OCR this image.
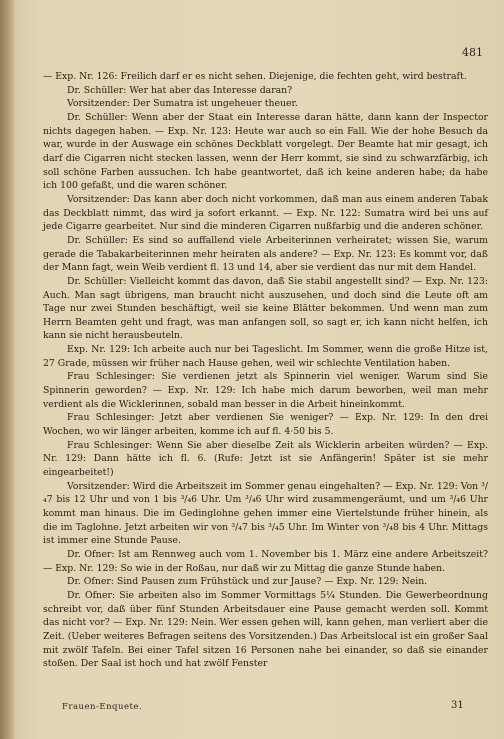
481

— Exp. Nr. 126: Freilich darf er es nicht sehen. Diejenige, die fechten geht, wird bestraft.

Dr. Schüller: Wer hat aber das Interesse daran?

Vorsitzender: Der Sumatra ist ungeheuer theuer.

Dr. Schüller: Wenn aber der Staat ein Interesse daran hätte, dann kann der Inspector nichts dagegen haben. — Exp. Nr. 123: Heute war auch so ein Fall. Wie der hohe Besuch da war, wurde in der Auswage ein schönes Deckblatt vorgelegt. Der Beamte hat mir gesagt, ich darf die Cigarren nicht stecken lassen, wenn der Herr kommt, sie sind zu schwarzfärbig, ich soll schöne Farben aussuchen. Ich habe geantwortet, daß ich keine anderen habe; da habe ich 100 gefaßt, und die waren schöner.

Vorsitzender: Das kann aber doch nicht vorkommen, daß man aus einem anderen Tabak das Deckblatt nimmt, das wird ja sofort erkannt. — Exp. Nr. 122: Sumatra wird bei uns auf jede Cigarre gearbeitet. Nur sind die minderen Cigarren nußfarbig und die anderen schöner.

Dr. Schüller: Es sind so auffallend viele Arbeiterinnen verheiratet; wissen Sie, warum gerade die Tabakarbeiterinnen mehr heiraten als andere? — Exp. Nr. 123: Es kommt vor, daß der Mann fagt, wein Weib verdient fl. 13 und 14, aber sie verdient das nur mit dem Handel.

Dr. Schüller: Vielleicht kommt das davon, daß Sie stabil angestellt sind? — Exp. Nr. 123: Auch. Man sagt übrigens, man braucht nicht auszusehen, und doch sind die Leute oft am Tage nur zwei Stunden beschäftigt, weil sie keine Blätter bekommen. Und wenn man zum Herrn Beamten geht und fragt, was man anfangen soll, so sagt er, ich kann nicht helfen, ich kann sie nicht herausbeuteln.

Exp. Nr. 129: Ich arbeite auch nur bei Tageslicht. Im Sommer, wenn die große Hitze ist, 27 Grade, müssen wir früher nach Hause gehen, weil wir schlechte Ventilation haben.

Frau Schlesinger: Sie verdienen jetzt als Spinnerin viel weniger. Warum sind Sie Spinnerin geworden? — Exp. Nr. 129: Ich habe mich darum beworben, weil man mehr verdient als die Wicklerinnen, sobald man besser in die Arbeit hineinkommt.

Frau Schlesinger: Jetzt aber verdienen Sie weniger? — Exp. Nr. 129: In den drei Wochen, wo wir länger arbeiten, komme ich auf fl. 4·50 bis 5.

Frau Schlesinger: Wenn Sie aber dieselbe Zeit als Wicklerin arbeiten würden? — Exp. Nr. 129: Dann hätte ich fl. 6. (Rufe: Jetzt ist sie Anfängerin! Später ist sie mehr eingearbeitet!)

Vorsitzender: Wird die Arbeitszeit im Sommer genau eingehalten? — Exp. Nr. 129: Von ³/₄7 bis 12 Uhr und von 1 bis ³/₄6 Uhr. Um ³/₄6 Uhr wird zusammengeräumt, und um ³/₄6 Uhr kommt man hinaus. Die im Gedinglohne gehen immer eine Viertelstunde früher hinein, als die im Taglohne. Jetzt arbeiten wir von ³/₄7 bis ³/₄5 Uhr. Im Winter von ³/₄8 bis 4 Uhr. Mittags ist immer eine Stunde Pause.

Dr. Ofner: Ist am Rennweg auch vom 1. November bis 1. März eine andere Arbeitszeit? — Exp. Nr. 129: So wie in der Roßau, nur daß wir zu Mittag die ganze Stunde haben.

Dr. Ofner: Sind Pausen zum Frühstück und zur Jause? — Exp. Nr. 129: Nein.

Dr. Ofner: Sie arbeiten also im Sommer Vormittags 5¼ Stunden. Die Gewerbeordnung schreibt vor, daß über fünf Stunden Arbeitsdauer eine Pause gemacht werden soll. Kommt das nicht vor? — Exp. Nr. 129: Nein. Wer essen gehen will, kann gehen, man verliert aber die Zeit. (Ueber weiteres Befragen seitens des Vorsitzenden.) Das Arbeitslocal ist ein großer Saal mit zwölf Tafeln. Bei einer Tafel sitzen 16 Personen nahe bei einander, so daß sie einander stoßen. Der Saal ist hoch und hat zwölf Fenster

Frauen-Enquete.	31
